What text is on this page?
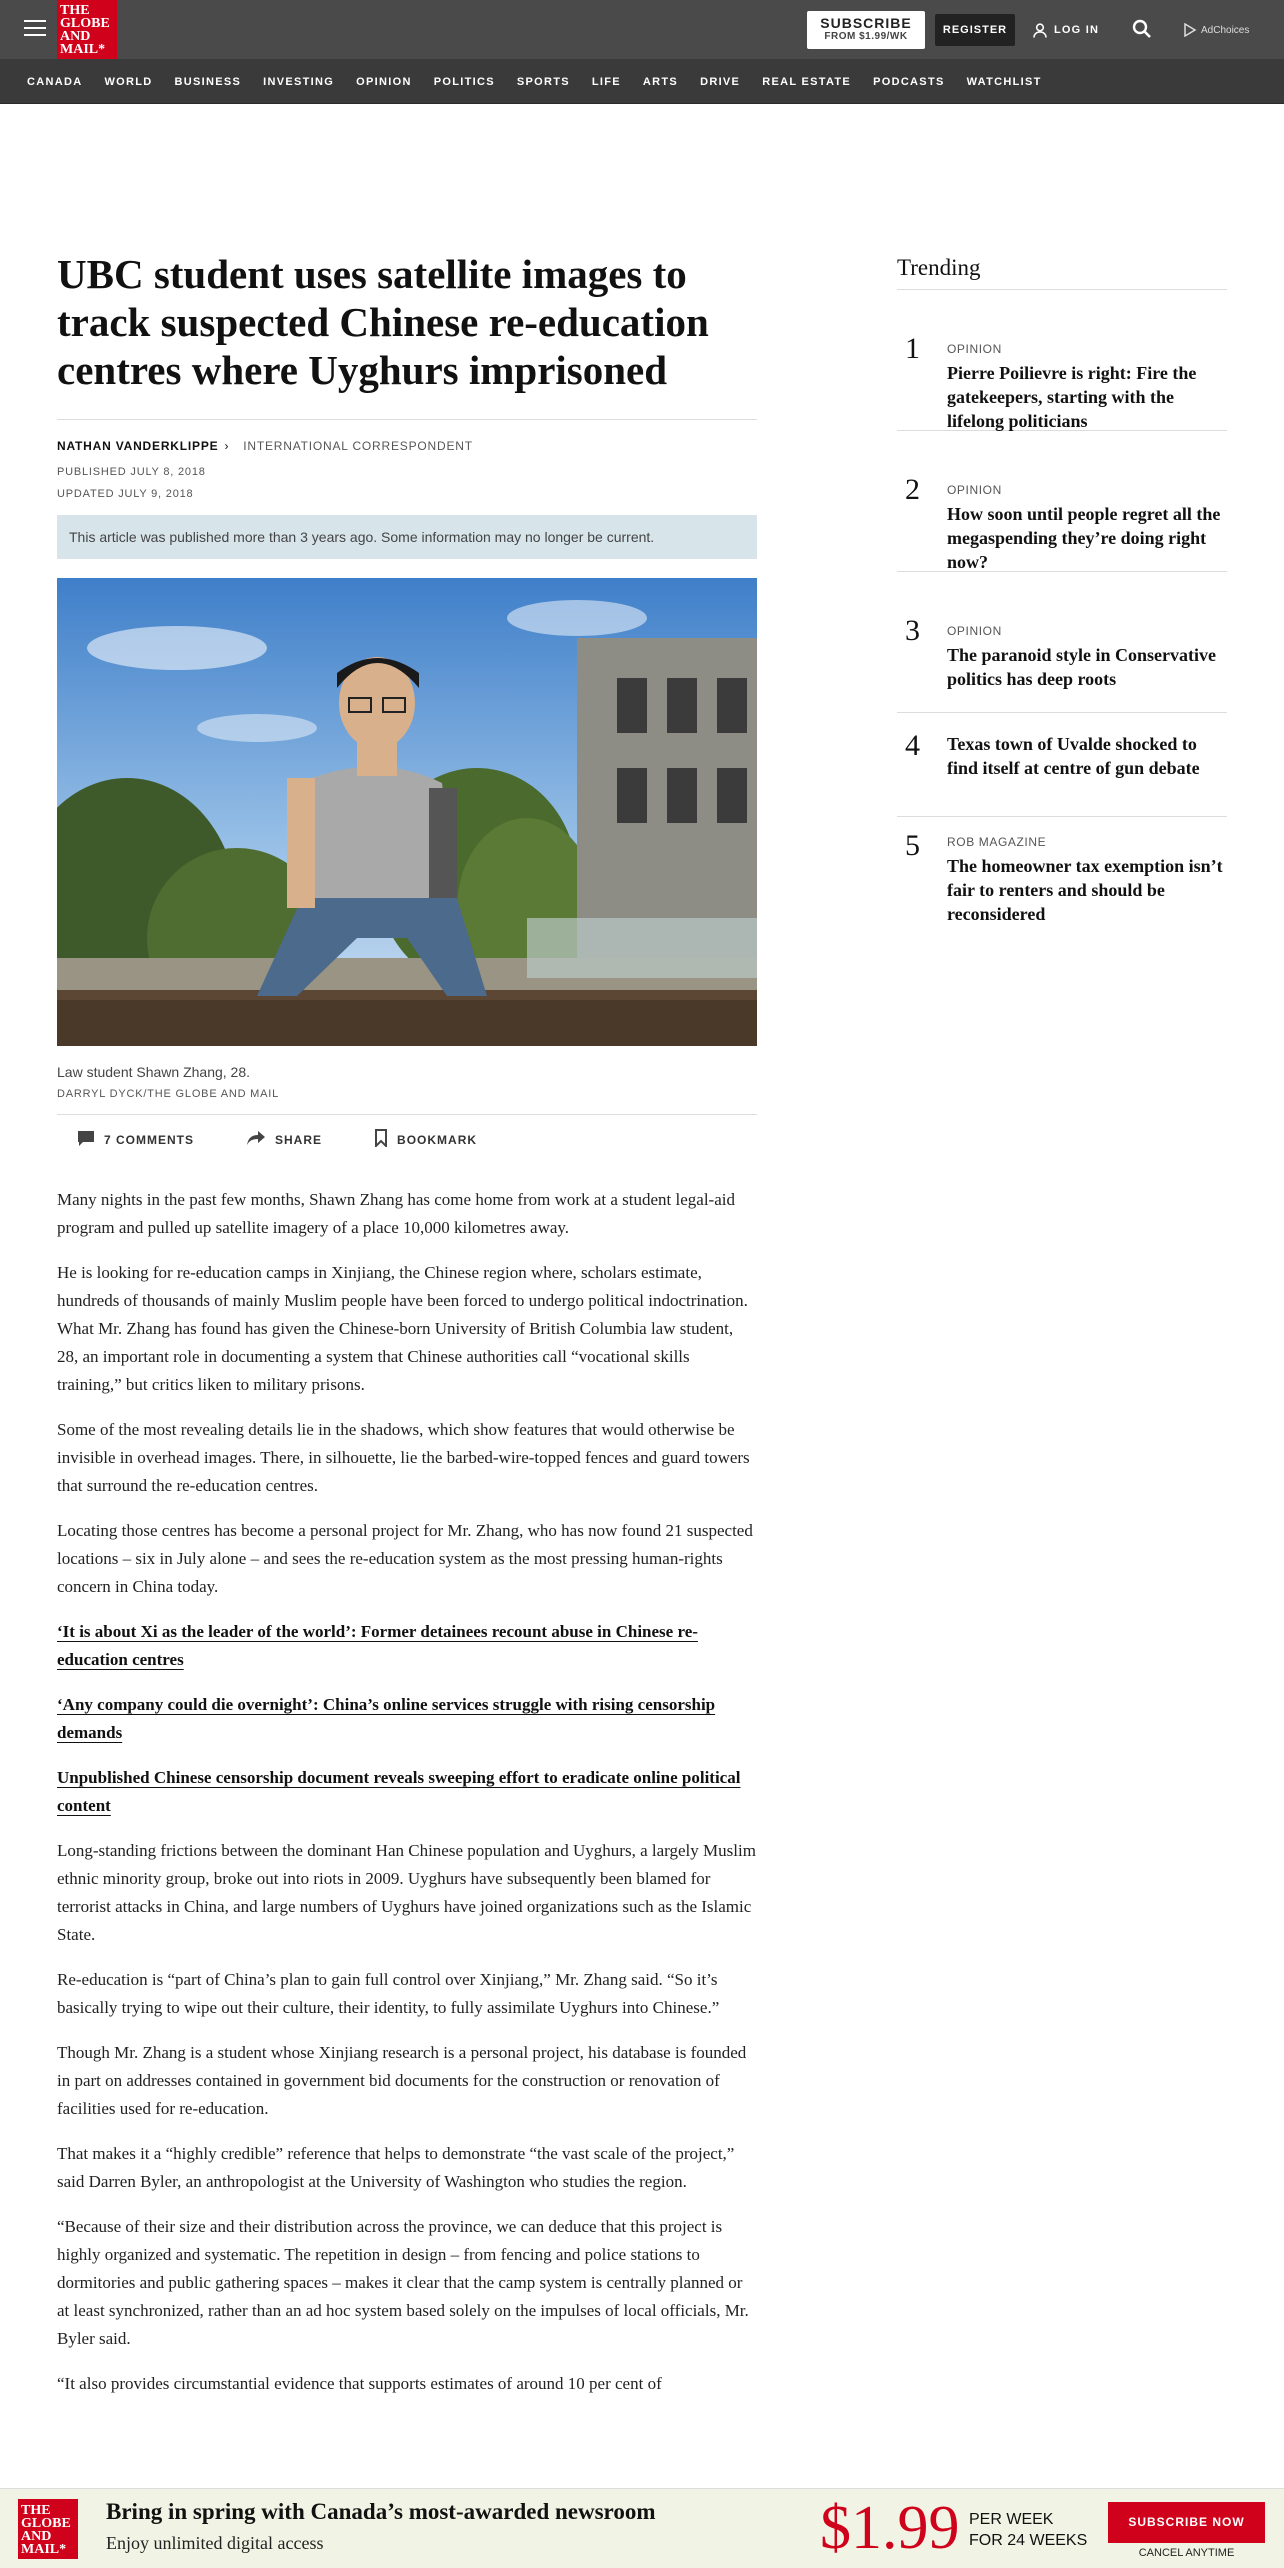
THE
GLOBE
AND
MAIL*
SUBSCRIBE
FROM $1.99/WK
REGISTER	LOG IN	AdChoices
CANADA WORLD BUSINESS INVESTING OPINION POLITICS SPORTS LIFE ARTS DRIVE REAL ESTATE PODCASTS WATCHLIST
UBC student uses satellite images to track suspected Chinese re-education centres where Uyghurs imprisoned
NATHAN VANDERKLIPPE › INTERNATIONAL CORRESPONDENT
PUBLISHED JULY 8, 2018
UPDATED JULY 9, 2018
This article was published more than 3 years ago. Some information may no longer be current.
Law student Shawn Zhang, 28.
DARRYL DYCK/THE GLOBE AND MAIL
7 COMMENTS	SHARE	BOOKMARK

Many nights in the past few months, Shawn Zhang has come home from work at a student legal-aid program and pulled up satellite imagery of a place 10,000 kilometres away.

He is looking for re-education camps in Xinjiang, the Chinese region where, scholars estimate, hundreds of thousands of mainly Muslim people have been forced to undergo political indoctrination. What Mr. Zhang has found has given the Chinese-born University of British Columbia law student, 28, an important role in documenting a system that Chinese authorities call “vocational skills training,” but critics liken to military prisons.

Some of the most revealing details lie in the shadows, which show features that would otherwise be invisible in overhead images. There, in silhouette, lie the barbed-wire-topped fences and guard towers that surround the re-education centres.

Locating those centres has become a personal project for Mr. Zhang, who has now found 21 suspected locations – six in July alone – and sees the re-education system as the most pressing human-rights concern in China today.

‘It is about Xi as the leader of the world’: Former detainees recount abuse in Chinese re-education centres
‘Any company could die overnight’: China’s online services struggle with rising censorship demands
Unpublished Chinese censorship document reveals sweeping effort to eradicate online political content

Long-standing frictions between the dominant Han Chinese population and Uyghurs, a largely Muslim ethnic minority group, broke out into riots in 2009. Uyghurs have subsequently been blamed for terrorist attacks in China, and large numbers of Uyghurs have joined organizations such as the Islamic State.

Re-education is “part of China’s plan to gain full control over Xinjiang,” Mr. Zhang said. “So it’s basically trying to wipe out their culture, their identity, to fully assimilate Uyghurs into Chinese.”

Though Mr. Zhang is a student whose Xinjiang research is a personal project, his database is founded in part on addresses contained in government bid documents for the construction or renovation of facilities used for re-education.

That makes it a “highly credible” reference that helps to demonstrate “the vast scale of the project,” said Darren Byler, an anthropologist at the University of Washington who studies the region.

“Because of their size and their distribution across the province, we can deduce that this project is highly organized and systematic. The repetition in design – from fencing and police stations to dormitories and public gathering spaces – makes it clear that the camp system is centrally planned or at least synchronized, rather than an ad hoc system based solely on the impulses of local officials, Mr. Byler said.

“It also provides circumstantial evidence that supports estimates of around 10 per cent of

Trending
1 OPINION
Pierre Poilievre is right: Fire the gatekeepers, starting with the lifelong politicians
2 OPINION
How soon until people regret all the megaspending they’re doing right now?
3 OPINION
The paranoid style in Conservative politics has deep roots
4 Texas town of Uvalde shocked to find itself at centre of gun debate
5 ROB MAGAZINE
The homeowner tax exemption isn’t fair to renters and should be reconsidered
THE
GLOBE
AND
MAIL*
Bring in spring with Canada’s most-awarded newsroom
Enjoy unlimited digital access	$1.99 PER WEEK
FOR 24 WEEKS
SUBSCRIBE NOW
CANCEL ANYTIME
